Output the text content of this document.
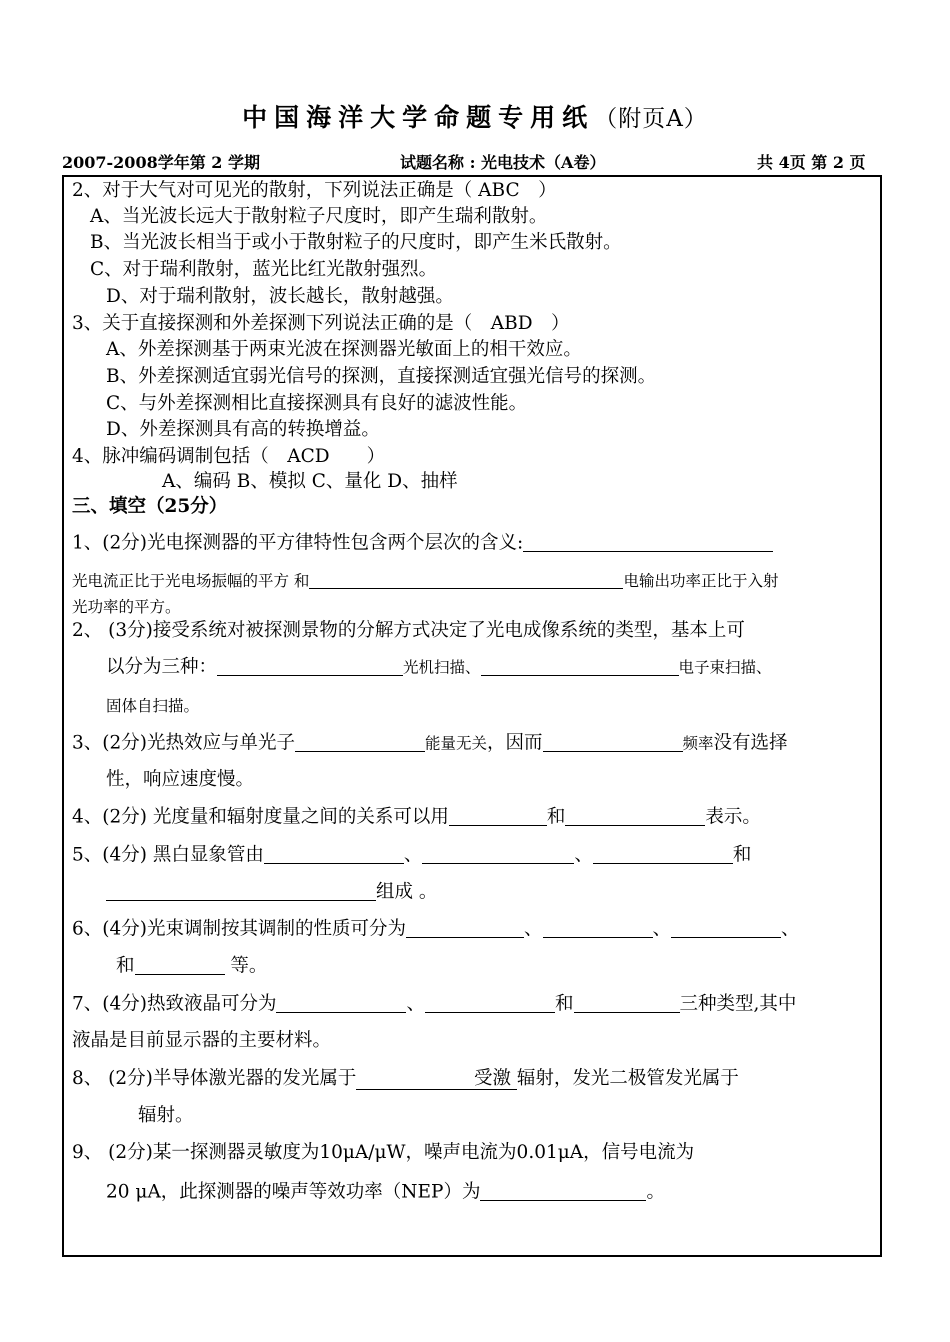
中国海洋大学命题专用纸（附页A）
2007-2008学年第 2 学期	试题名称 : 光电技术（A卷）	共 4页 第 2 页
2、对于大气对可见光的散射，下列说法正确是（ ABC　）
A、当光波长远大于散射粒子尺度时，即产生瑞利散射。
B、当光波长相当于或小于散射粒子的尺度时，即产生米氏散射。
C、对于瑞利散射，蓝光比红光散射强烈。
D、对于瑞利散射，波长越长，散射越强。
3、关于直接探测和外差探测下列说法正确的是（　ABD　）
A、外差探测基于两束光波在探测器光敏面上的相干效应。
B、外差探测适宜弱光信号的探测，直接探测适宜强光信号的探测。
C、与外差探测相比直接探测具有良好的滤波性能。
D、外差探测具有高的转换增益。
4、脉冲编码调制包括（　ACD　　）
A、编码 B、模拟 C、量化 D、抽样
三、填空（25分）
1、(2分)光电探测器的平方律特性包含两个层次的含义:
光电流正比于光电场振幅的平方 和	电输出功率正比于入射
光功率的平方。
2、 (3分)接受系统对被探测景物的分解方式决定了光电成像系统的类型，基本上可
以分为三种：	光机扫描、	电子束扫描、
固体自扫描。
3、(2分)光热效应与单光子	能量无关，因而	频率没有选择
性，响应速度慢。
4、(2分) 光度量和辐射度量之间的关系可以用	和	表示。
5、(4分) 黑白显象管由	、	、	和
组成 。
6、(4分)光束调制按其调制的性质可分为	、	、	、
和	等。
7、(4分)热致液晶可分为	、	和	三种类型,其中
液晶是目前显示器的主要材料。
8、 (2分)半导体激光器的发光属于	受激 辐射，发光二极管发光属于
辐射。
9、 (2分)某一探测器灵敏度为10μA/μW，噪声电流为0.01μA，信号电流为
20 μA，此探测器的噪声等效功率（NEP）为	。
